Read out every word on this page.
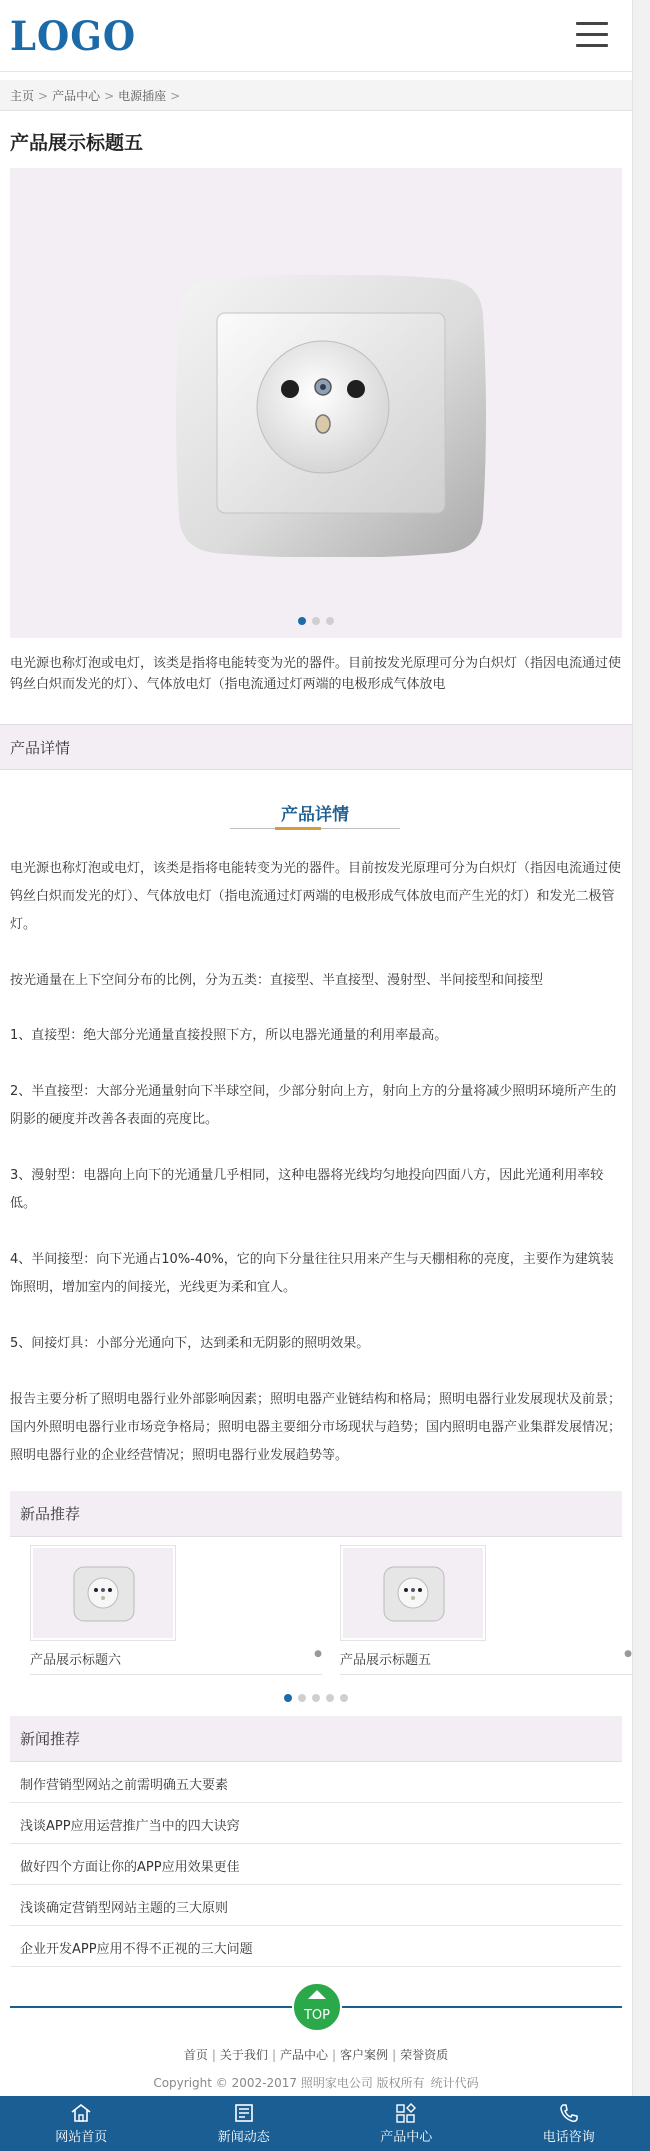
LOGO
主页 > 产品中心 > 电源插座 >
产品展示标题五
电光源也称灯泡或电灯，该类是指将电能转变为光的器件。目前按发光原理可分为白炽灯（指因电流通过使钨丝白炽而发光的灯）、气体放电灯（指电流通过灯两端的电极形成气体放电
产品详情
产品详情
电光源也称灯泡或电灯，该类是指将电能转变为光的器件。目前按发光原理可分为白炽灯（指因电流通过使钨丝白炽而发光的灯）、气体放电灯（指电流通过灯两端的电极形成气体放电而产生光的灯）和发光二极管灯。
按光通量在上下空间分布的比例，分为五类：直接型、半直接型、漫射型、半间接型和间接型
1、直接型：绝大部分光通量直接投照下方，所以电器光通量的利用率最高。
2、半直接型：大部分光通量射向下半球空间，少部分射向上方，射向上方的分量将减少照明环境所产生的阴影的硬度并改善各表面的亮度比。
3、漫射型：电器向上向下的光通量几乎相同，这种电器将光线均匀地投向四面八方，因此光通利用率较低。
4、半间接型：向下光通占10%-40%，它的向下分量往往只用来产生与天棚相称的亮度，主要作为建筑装饰照明，增加室内的间接光，光线更为柔和宜人。
5、间接灯具：小部分光通向下，达到柔和无阴影的照明效果。
报告主要分析了照明电器行业外部影响因素；照明电器产业链结构和格局；照明电器行业发展现状及前景；国内外照明电器行业市场竞争格局；照明电器主要细分市场现状与趋势；国内照明电器产业集群发展情况；照明电器行业的企业经营情况；照明电器行业发展趋势等。
新品推荐
产品展示标题六	● 产品展示标题五	●
新闻推荐
制作营销型网站之前需明确五大要素
浅谈APP应用运营推广当中的四大诀窍
做好四个方面让你的APP应用效果更佳
浅谈确定营销型网站主题的三大原则
企业开发APP应用不得不正视的三大问题
TOP
首页 | 关于我们 | 产品中心 | 客户案例 | 荣誉资质
Copyright © 2002-2017 照明家电公司 版权所有 统计代码
网站首页	新闻动态	产品中心	电话咨询
